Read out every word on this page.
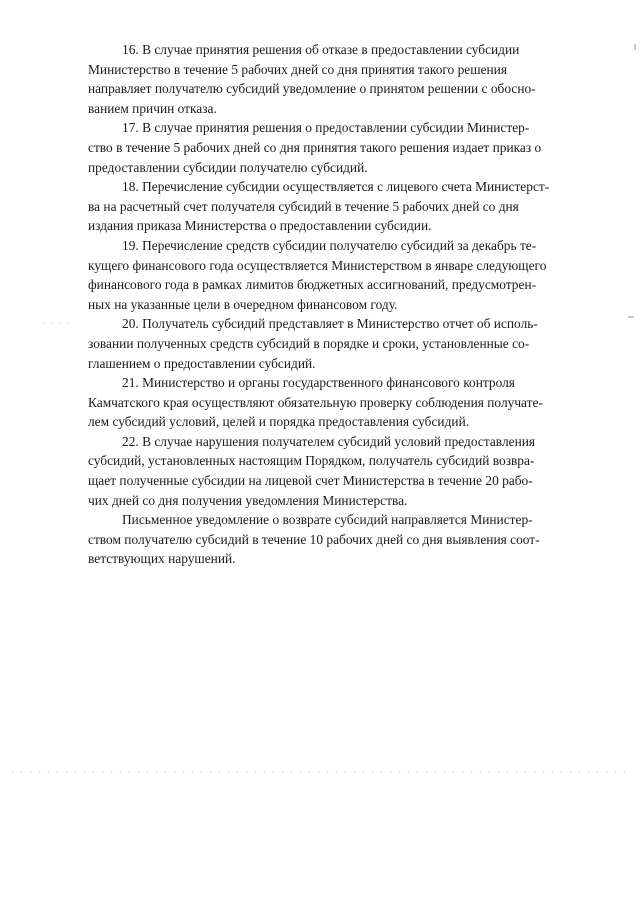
16. В случае принятия решения об отказе в предоставлении субсидии
Министерство в течение 5 рабочих дней со дня принятия такого решения
направляет получателю субсидий уведомление о принятом решении с обосно-
ванием причин отказа.

17. В случае принятия решения о предоставлении субсидии Министер-
ство в течение 5 рабочих дней со дня принятия такого решения издает приказ о
предоставлении субсидии получателю субсидий.

18. Перечисление субсидии осуществляется с лицевого счета Министерст-
ва на расчетный счет получателя субсидий в течение 5 рабочих дней со дня
издания приказа Министерства о предоставлении субсидии.

19. Перечисление средств субсидии получателю субсидий за декабрь те-
кущего финансового года осуществляется Министерством в январе следующего
финансового года в рамках лимитов бюджетных ассигнований, предусмотрен-
ных на указанные цели в очередном финансовом году.

20. Получатель субсидий представляет в Министерство отчет об исполь-
зовании полученных средств субсидий в порядке и сроки, установленные со-
глашением о предоставлении субсидий.

21. Министерство и органы государственного финансового контроля
Камчатского края осуществляют обязательную проверку соблюдения получате-
лем субсидий условий, целей и порядка предоставления субсидий.

22. В случае нарушения получателем субсидий условий предоставления
субсидий, установленных настоящим Порядком, получатель субсидий возвра-
щает полученные субсидии на лицевой счет Министерства в течение 20 рабо-
чих дней со дня получения уведомления Министерства.

Письменное уведомление о возврате субсидий направляется Министер-
ством получателю субсидий в течение 10 рабочих дней со дня выявления соот-
ветствующих нарушений.
